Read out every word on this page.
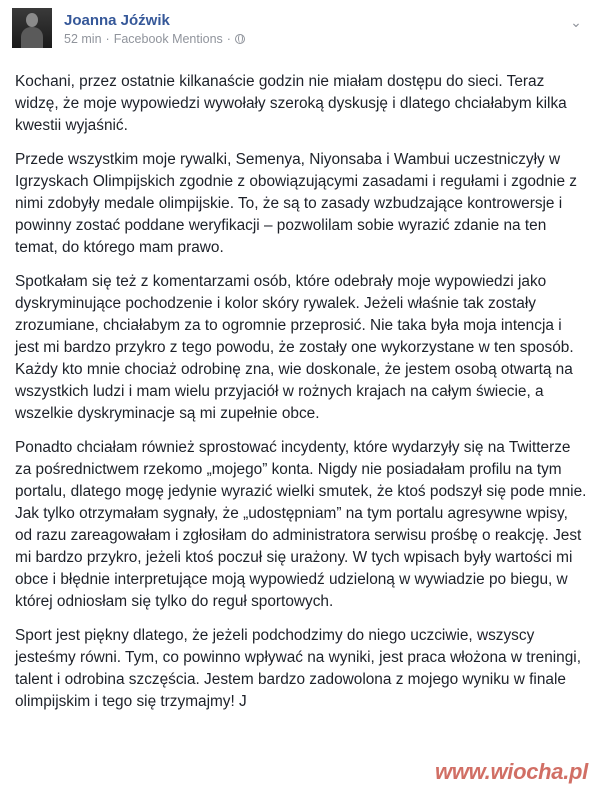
Joanna Jóźwik
52 min · Facebook Mentions ·
⌄

Kochani, przez ostatnie kilkanaście godzin nie miałam dostępu do sieci. Teraz widzę, że moje wypowiedzi wywołały szeroką dyskusję i dlatego chciałabym kilka kwestii wyjaśnić.

Przede wszystkim moje rywalki, Semenya, Niyonsaba i Wambui uczestniczyły w Igrzyskach Olimpijskich zgodnie z obowiązującymi zasadami i regułami i zgodnie z nimi zdobyły medale olimpijskie. To, że są to zasady wzbudzające kontrowersje i powinny zostać poddane weryfikacji – pozwolilam sobie wyrazić zdanie na ten temat, do którego mam prawo.

Spotkałam się też z komentarzami osób, które odebrały moje wypowiedzi jako dyskryminujące pochodzenie i kolor skóry rywalek. Jeżeli właśnie tak zostały zrozumiane, chciałabym za to ogromnie przeprosić. Nie taka była moja intencja i jest mi bardzo przykro z tego powodu, że zostały one wykorzystane w ten sposób. Każdy kto mnie chociaż odrobinę zna, wie doskonale, że jestem osobą otwartą na wszystkich ludzi i mam wielu przyjaciół w rożnych krajach na całym świecie, a wszelkie dyskryminacje są mi zupełnie obce.

Ponadto chciałam również sprostować incydenty, które wydarzyły się na Twitterze za pośrednictwem rzekomo „mojego” konta. Nigdy nie posiadałam profilu na tym portalu, dlatego mogę jedynie wyrazić wielki smutek, że ktoś podszył się pode mnie. Jak tylko otrzymałam sygnały, że „udostępniam” na tym portalu agresywne wpisy, od razu zareagowałam i zgłosiłam do administratora serwisu prośbę o reakcję. Jest mi bardzo przykro, jeżeli ktoś poczuł się urażony. W tych wpisach były wartości mi obce i błędnie interpretujące moją wypowiedź udzieloną w wywiadzie po biegu, w której odniosłam się tylko do reguł sportowych.

Sport jest piękny dlatego, że jeżeli podchodzimy do niego uczciwie, wszyscy jesteśmy równi. Tym, co powinno wpływać na wyniki, jest praca włożona w treningi, talent i odrobina szczęścia. Jestem bardzo zadowolona z mojego wyniku w finale olimpijskim i tego się trzymajmy! J

www.wiocha.pl
